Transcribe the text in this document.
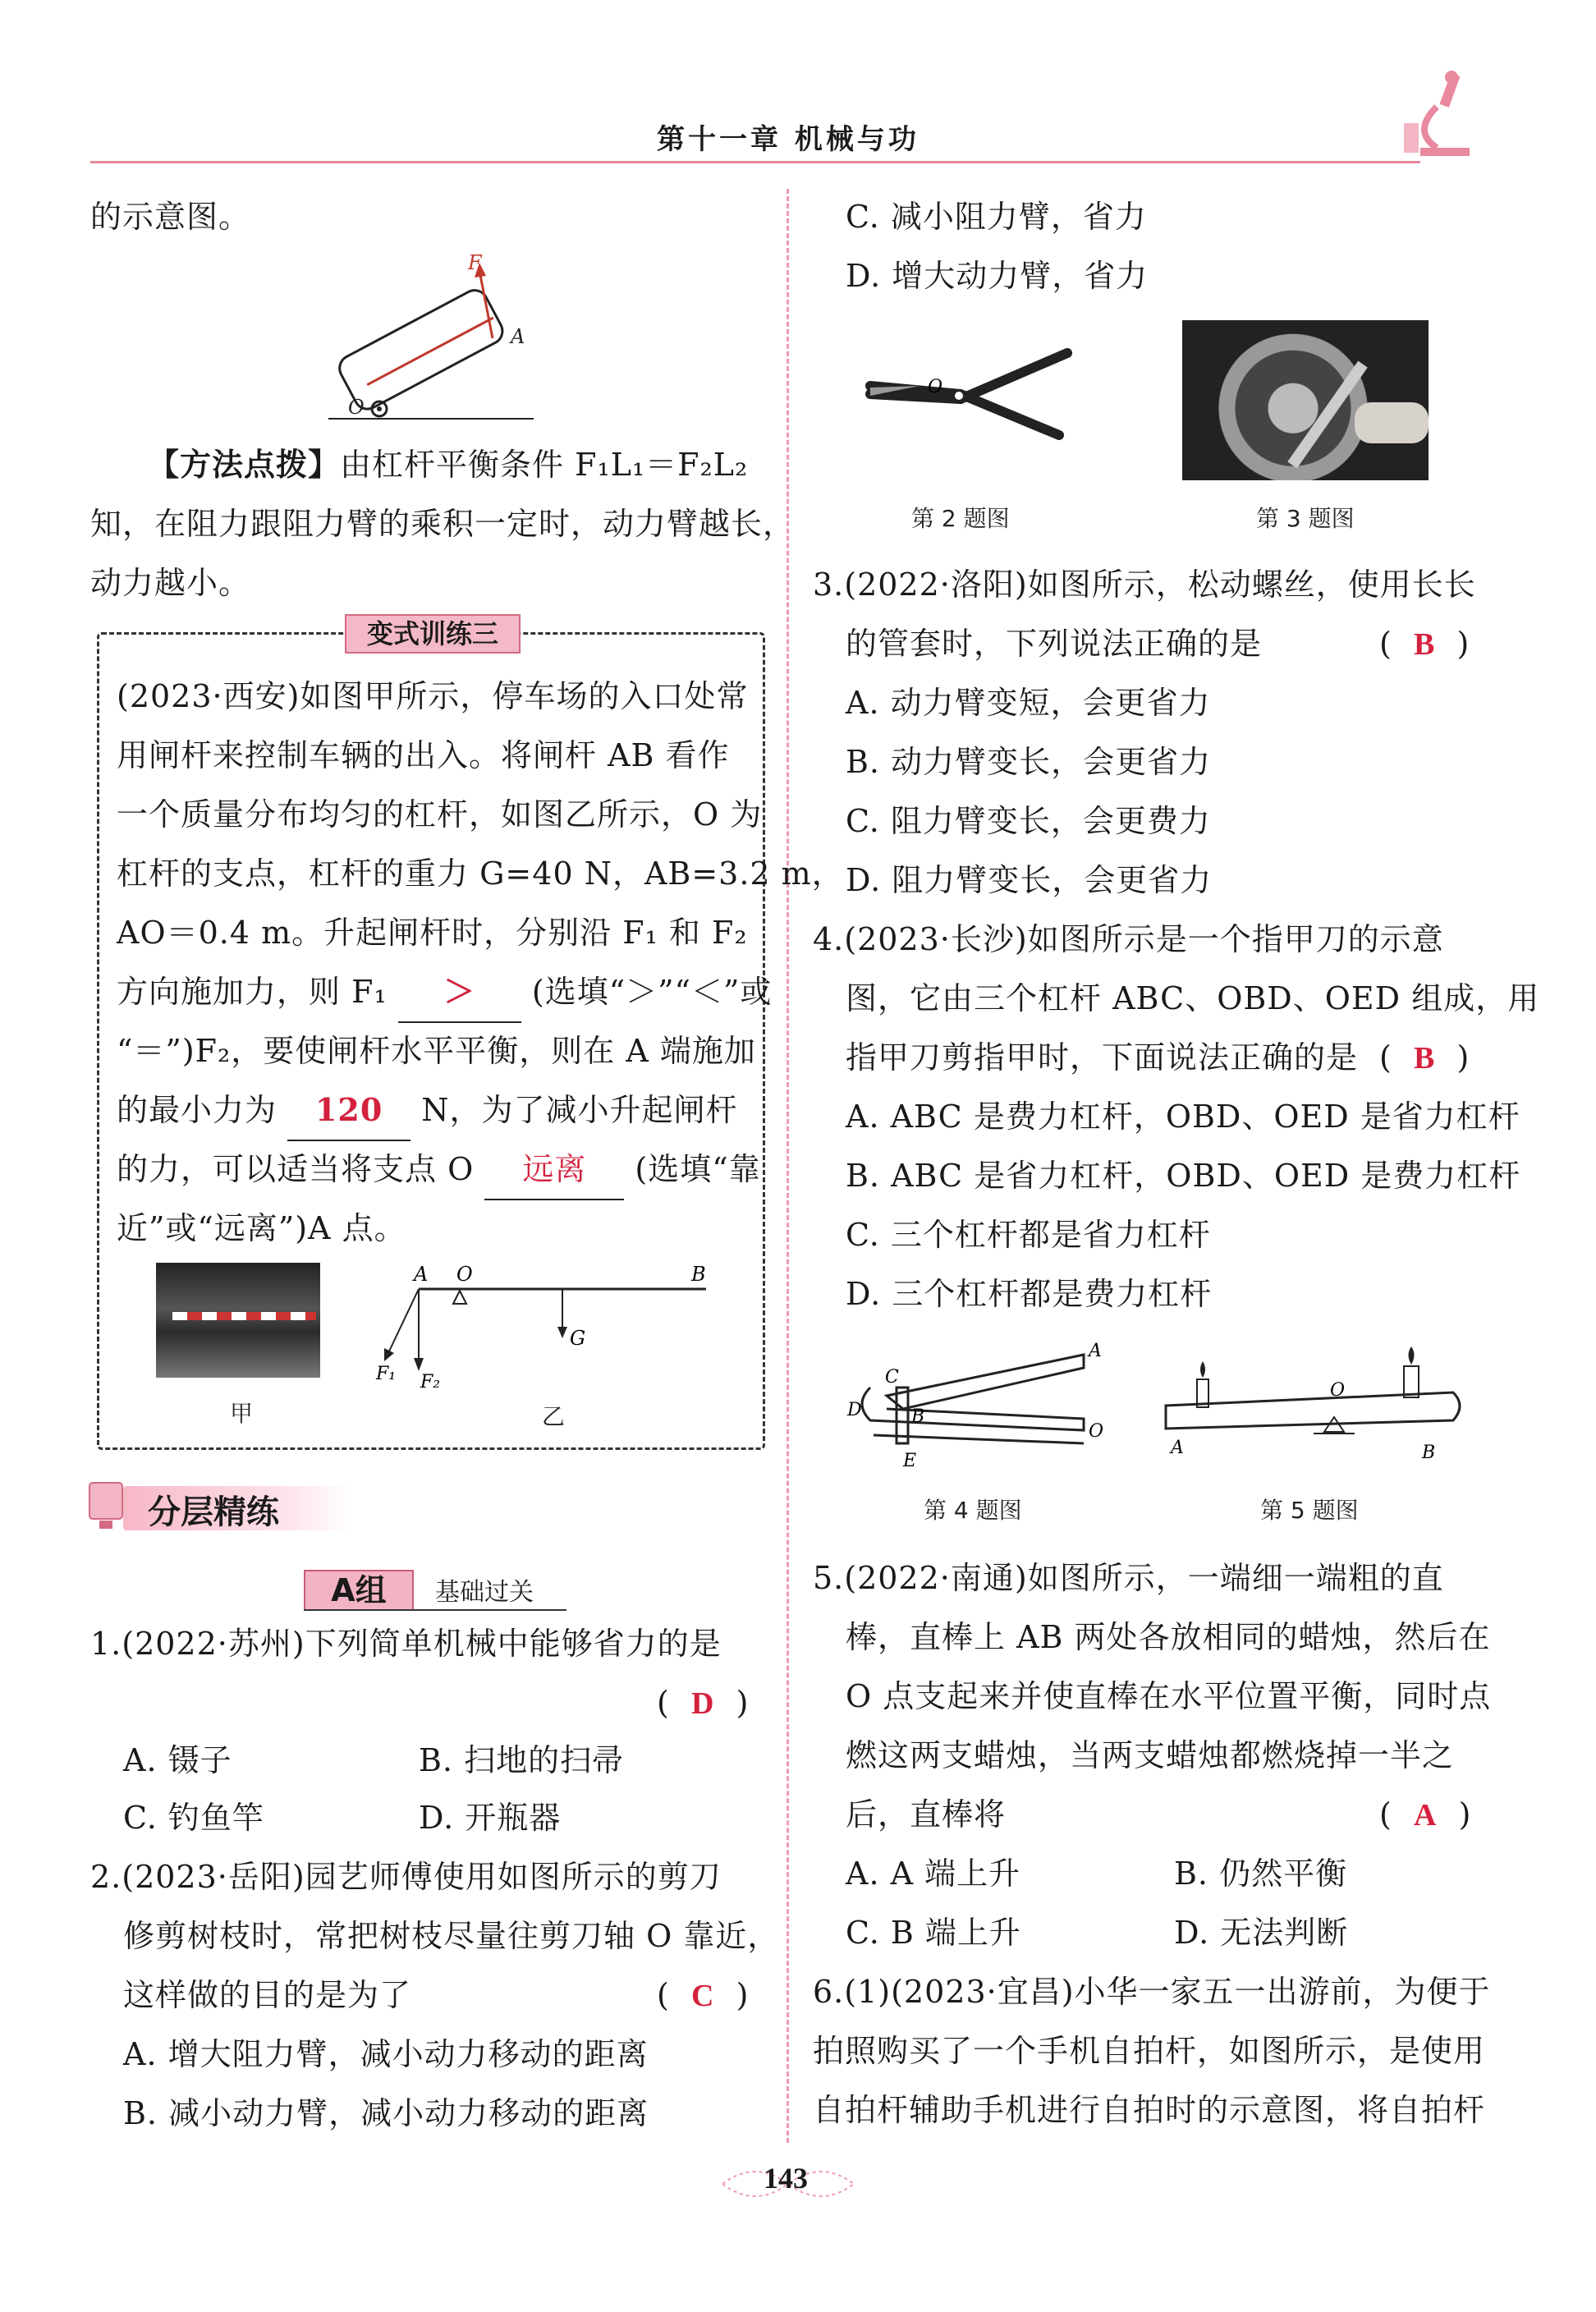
第十一章 机械与功
的示意图。
F
A
O
【方法点拨】由杠杆平衡条件 F₁L₁＝F₂L₂
知，在阻力跟阻力臂的乘积一定时，动力臂越长，
动力越小。
变式训练三
(2023·西安)如图甲所示，停车场的入口处常
用闸杆来控制车辆的出入。将闸杆 AB 看作
一个质量分布均匀的杠杆，如图乙所示，O 为
杠杆的支点，杠杆的重力 G=40 N，AB=3.2 m，
AO＝0.4 m。升起闸杆时，分别沿 F₁ 和 F₂
方向施加力，则 F₁ ＞ (选填“＞”“＜”或
“＝”)F₂，要使闸杆水平平衡，则在 A 端施加
的最小力为 120 N，为了减小升起闸杆
的力，可以适当将支点 O 远离 (选填“靠
近”或“远离”)A 点。
甲
A O	B
G
F₁ F₂
乙
分层精练
A组	基础过关
1.(2022·苏州)下列简单机械中能够省力的是
(  D  )
A. 镊子	B. 扫地的扫帚
C. 钓鱼竿	D. 开瓶器
2.(2023·岳阳)园艺师傅使用如图所示的剪刀
修剪树枝时，常把树枝尽量往剪刀轴 O 靠近，
这样做的目的是为了	(  C  )
A. 增大阻力臂，减小动力移动的距离
B. 减小动力臂，减小动力移动的距离
C. 减小阻力臂，省力
D. 增大动力臂，省力
O
第 2 题图	第 3 题图
3.(2022·洛阳)如图所示，松动螺丝，使用长长
的管套时，下列说法正确的是	(  B  )
A. 动力臂变短，会更省力
B. 动力臂变长，会更省力
C. 阻力臂变长，会更费力
D. 阻力臂变长，会更省力
4.(2023·长沙)如图所示是一个指甲刀的示意
图，它由三个杠杆 ABC、OBD、OED 组成，用
指甲刀剪指甲时，下面说法正确的是 (  B  )
A. ABC 是费力杠杆，OBD、OED 是省力杠杆
B. ABC 是省力杠杆，OBD、OED 是费力杠杆
C. 三个杠杆都是省力杠杆
D. 三个杠杆都是费力杠杆
C
A
B
D
E
O
第 4 题图
A
O
B
第 5 题图
5.(2022·南通)如图所示，一端细一端粗的直
棒，直棒上 AB 两处各放相同的蜡烛，然后在
O 点支起来并使直棒在水平位置平衡，同时点
燃这两支蜡烛，当两支蜡烛都燃烧掉一半之
后，直棒将	(  A  )
A. A 端上升	B. 仍然平衡
C. B 端上升	D. 无法判断
6.(1)(2023·宜昌)小华一家五一出游前，为便于
拍照购买了一个手机自拍杆，如图所示，是使用
自拍杆辅助手机进行自拍时的示意图，将自拍杆
143
